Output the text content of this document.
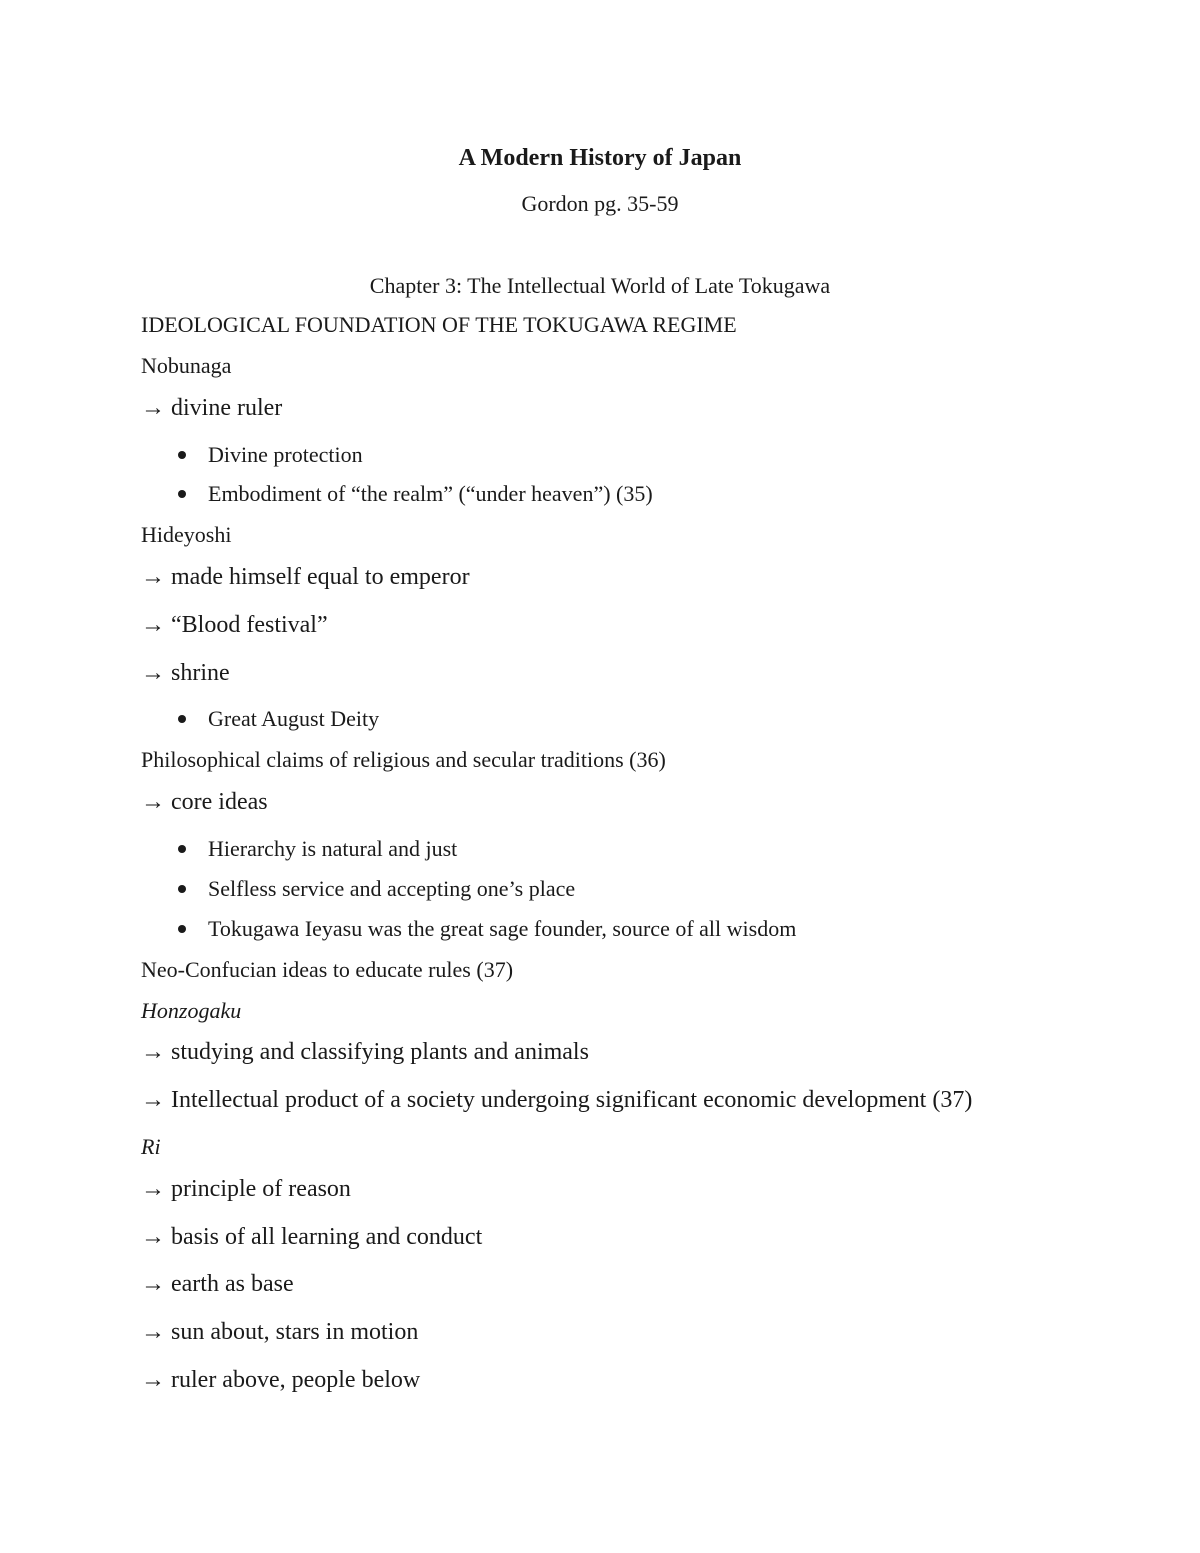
A Modern History of Japan
Gordon pg. 35-59
Chapter 3: The Intellectual World of Late Tokugawa
IDEOLOGICAL FOUNDATION OF THE TOKUGAWA REGIME
Nobunaga
→ divine ruler
Divine protection
Embodiment of “the realm” (“under heaven”) (35)
Hideyoshi
→ made himself equal to emperor
→ “Blood festival”
→ shrine
Great August Deity
Philosophical claims of religious and secular traditions (36)
→ core ideas
Hierarchy is natural and just
Selfless service and accepting one’s place
Tokugawa Ieyasu was the great sage founder, source of all wisdom
Neo-Confucian ideas to educate rules (37)
Honzogaku
→ studying and classifying plants and animals
→ Intellectual product of a society undergoing significant economic development (37)
Ri
→ principle of reason
→ basis of all learning and conduct
→ earth as base
→ sun about, stars in motion
→ ruler above, people below
